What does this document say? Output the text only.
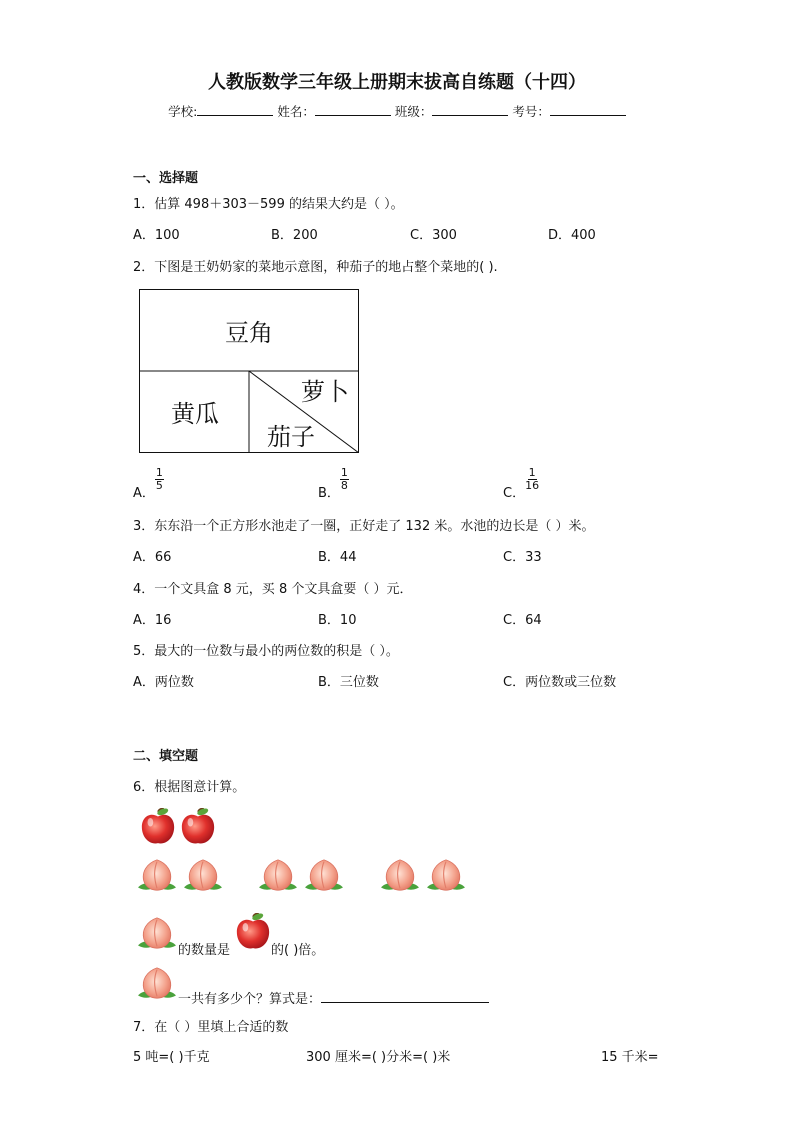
人教版数学三年级上册期末拔高自练题（十四）
学校:	姓名：	班级：	考号：
一、选择题
1．估算 498＋303－599 的结果大约是（ ）。
A．100	B．200	C．300	D．400
2．下图是王奶奶家的菜地示意图，种茄子的地占整个菜地的( ).
豆角
黄瓜
萝卜
茄子
A．
$\frac{1}{5}$
B．
$\frac{1}{8}$
C．
$\frac{1}{16}$
3．东东沿一个正方形水池走了一圈，正好走了 132 米。水池的边长是（ ）米。
A．66	B．44	C．33
4．一个文具盒 8 元，买 8 个文具盒要（ ）元．
A．16	B．10	C．64
5．最大的一位数与最小的两位数的积是（ ）。
A．两位数	B．三位数	C．两位数或三位数
二、填空题
6．根据图意计算。
的数量是	的( )倍。
一共有多少个？算式是：
7．在（ ）里填上合适的数
5 吨=( )千克	300 厘米=( )分米=( )米	15 千米=
